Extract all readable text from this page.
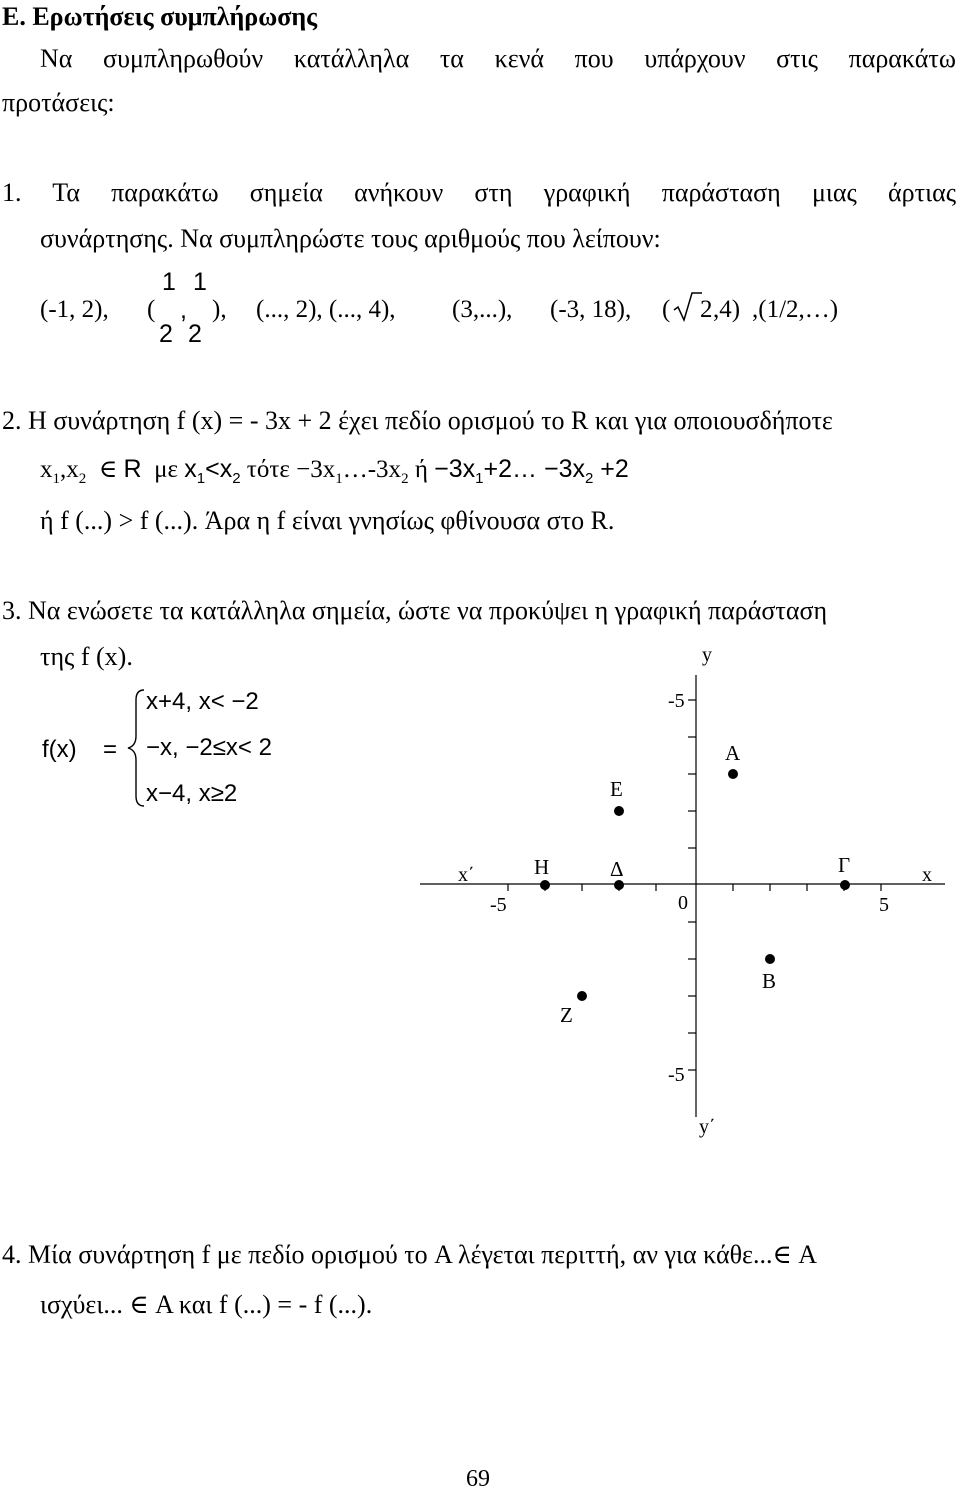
Ε. Ερωτήσεις συμπλήρωσης
Να συμπληρωθούν κατάλληλα τα κενά που υπάρχουν στις παρακάτω
προτάσεις:
1. Τα παρακάτω σημεία ανήκουν στη γραφική παράσταση μιας άρτιας
συνάρτησης. Να συμπληρώστε τους αριθμούς που λείπουν:
(-1, 2), (
1
2
,
1
2
), (..., 2), (..., 4), (3,...), (-3, 18), ( 2 ,4) ,(1/2,…)
2. Η συνάρτηση f (x) = - 3x + 2 έχει πεδίο ορισμού το R και για οποιουσδήποτε
$x_1,x_2$ ∈ R με $x_1<x_2$ $\tau ό\tau\varepsilon -3x_1\dots-3x_2$ $ή -3x_1+2\dots -3x_2 +2$
ή f (...) > f (...). Άρα η f είναι γνησίως φθίνουσα στο R.
3. Να ενώσετε τα κατάλληλα σημεία, ώστε να προκύψει η γραφική παράσταση
της f (x).
f(x) =
x+4, x< −2
−x, −2≤x< 2
x−4, x≥2
y
y΄
x΄	x
-5
-5
-5	0	5
Α
Β
Γ
Δ
Ε
Ζ
Η
4. Μία συνάρτηση f με πεδίο ορισμού το A λέγεται περιττή, αν για κάθε...∈ A
ισχύει... ∈ A και f (...) = - f (...).
69
